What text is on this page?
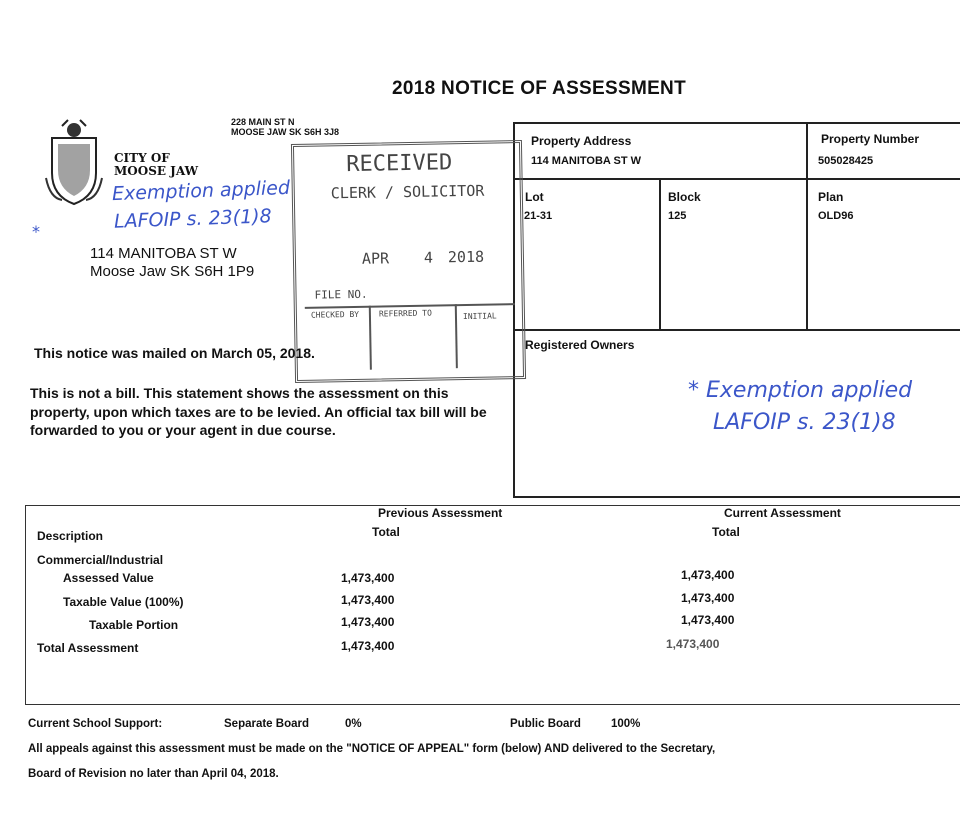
2018 NOTICE OF ASSESSMENT
228 MAIN ST N
MOOSE JAW SK S6H 3J8
CITY OF
MOOSE JAW
Exemption applied
LAFOIP s. 23(1)8
*
114 MANITOBA ST W
Moose Jaw SK S6H 1P9
Property Address
114 MANITOBA ST W
Property Number
505028425
Lot
21-31
Block
125
Plan
OLD96
Registered Owners
* Exemption applied
LAFOIP s. 23(1)8
RECEIVED
CLERK / SOLICITOR
APR 4 2018
FILE NO.
CHECKED BY REFERRED TO	INITIAL
This notice was mailed on March 05, 2018.
This is not a bill. This statement shows the assessment on this property, upon which taxes are to be levied. An official tax bill will be forwarded to you or your agent in due course.
Previous Assessment	Current Assessment
Description	Total	Total
Commercial/Industrial
Assessed Value	1,473,400	1,473,400
Taxable Value (100%)	1,473,400	1,473,400
Taxable Portion	1,473,400	1,473,400
Total Assessment	1,473,400	1,473,400
Current School Support:	Separate Board	0%	Public Board	100%
All appeals against this assessment must be made on the "NOTICE OF APPEAL" form (below) AND delivered to the Secretary,
Board of Revision no later than April 04, 2018.
